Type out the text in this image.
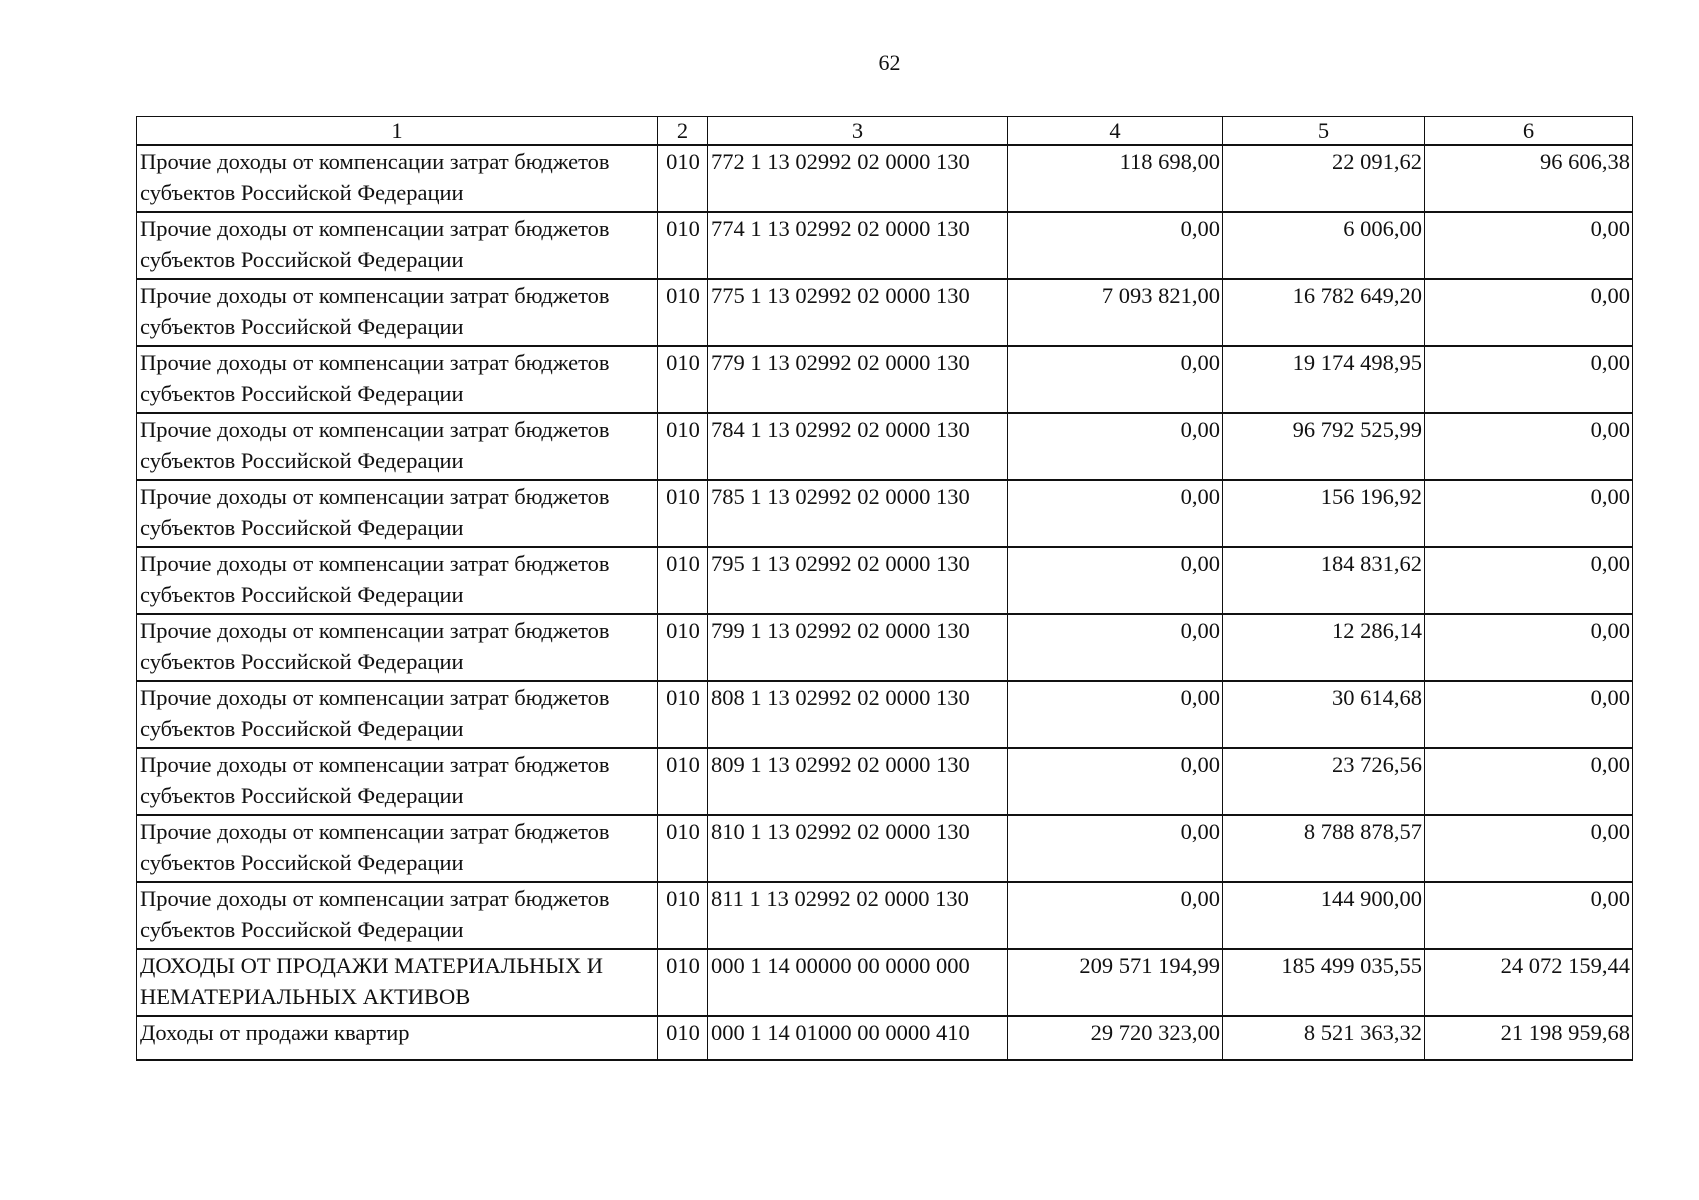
62
1	2	3	4	5	6
Прочие доходы от компенсации затрат бюджетов субъектов Российской Федерации	010	772 1 13 02992 02 0000 130	118 698,00	22 091,62	96 606,38
Прочие доходы от компенсации затрат бюджетов субъектов Российской Федерации	010	774 1 13 02992 02 0000 130	0,00	6 006,00	0,00
Прочие доходы от компенсации затрат бюджетов субъектов Российской Федерации	010	775 1 13 02992 02 0000 130	7 093 821,00	16 782 649,20	0,00
Прочие доходы от компенсации затрат бюджетов субъектов Российской Федерации	010	779 1 13 02992 02 0000 130	0,00	19 174 498,95	0,00
Прочие доходы от компенсации затрат бюджетов субъектов Российской Федерации	010	784 1 13 02992 02 0000 130	0,00	96 792 525,99	0,00
Прочие доходы от компенсации затрат бюджетов субъектов Российской Федерации	010	785 1 13 02992 02 0000 130	0,00	156 196,92	0,00
Прочие доходы от компенсации затрат бюджетов субъектов Российской Федерации	010	795 1 13 02992 02 0000 130	0,00	184 831,62	0,00
Прочие доходы от компенсации затрат бюджетов субъектов Российской Федерации	010	799 1 13 02992 02 0000 130	0,00	12 286,14	0,00
Прочие доходы от компенсации затрат бюджетов субъектов Российской Федерации	010	808 1 13 02992 02 0000 130	0,00	30 614,68	0,00
Прочие доходы от компенсации затрат бюджетов субъектов Российской Федерации	010	809 1 13 02992 02 0000 130	0,00	23 726,56	0,00
Прочие доходы от компенсации затрат бюджетов субъектов Российской Федерации	010	810 1 13 02992 02 0000 130	0,00	8 788 878,57	0,00
Прочие доходы от компенсации затрат бюджетов субъектов Российской Федерации	010	811 1 13 02992 02 0000 130	0,00	144 900,00	0,00
ДОХОДЫ ОТ ПРОДАЖИ МАТЕРИАЛЬНЫХ И НЕМАТЕРИАЛЬНЫХ АКТИВОВ	010	000 1 14 00000 00 0000 000	209 571 194,99	185 499 035,55	24 072 159,44
Доходы от продажи квартир	010	000 1 14 01000 00 0000 410	29 720 323,00	8 521 363,32	21 198 959,68
